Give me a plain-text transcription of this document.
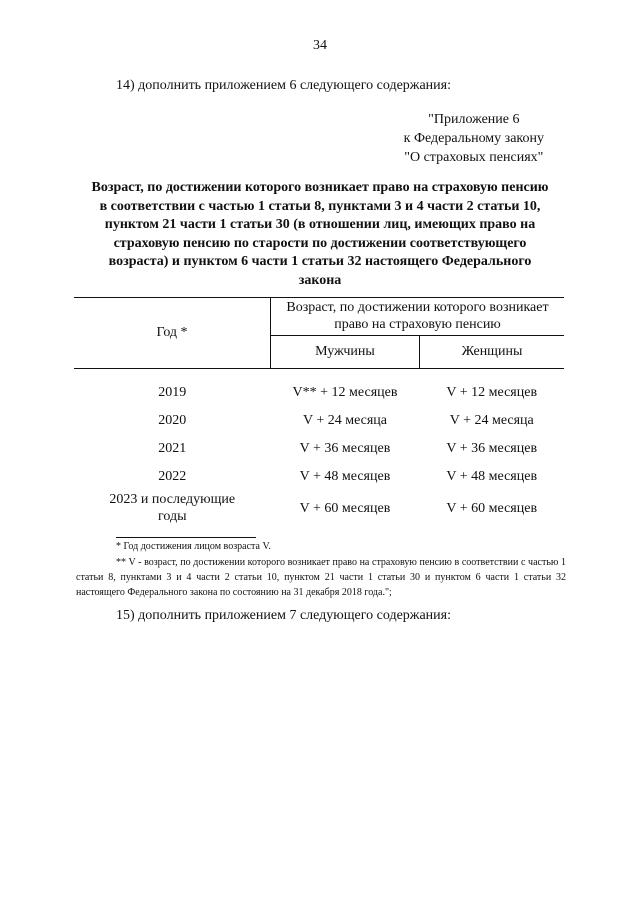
34
14) дополнить приложением 6 следующего содержания:
"Приложение 6
к Федеральному закону
"О страховых пенсиях"
Возраст, по достижении которого возникает право на страховую пенсию в соответствии с частью 1 статьи 8, пунктами 3 и 4 части 2 статьи 10, пунктом 21 части 1 статьи 30 (в отношении лиц, имеющих право на страховую пенсию по старости по достижении соответствующего возраста) и пунктом 6 части 1 статьи 32 настоящего Федерального закона
Год *	Возраст, по достижении которого возникает право на страховую пенсию	
	Мужчины	Женщины
2019	V** + 12 месяцев	V + 12 месяцев
2020	V + 24 месяца	V + 24 месяца
2021	V + 36 месяцев	V + 36 месяцев
2022	V + 48 месяцев	V + 48 месяцев

2023 и последующие
годы	V + 60 месяцев	V + 60 месяцев
* Год достижения лицом возраста V.
** V - возраст, по достижении которого возникает право на страховую пенсию в соответствии с частью 1 статьи 8, пунктами 3 и 4 части 2 статьи 10, пунктом 21 части 1 статьи 30 и пунктом 6 части 1 статьи 32 настоящего Федерального закона по состоянию на 31 декабря 2018 года.";
15) дополнить приложением 7 следующего содержания:
